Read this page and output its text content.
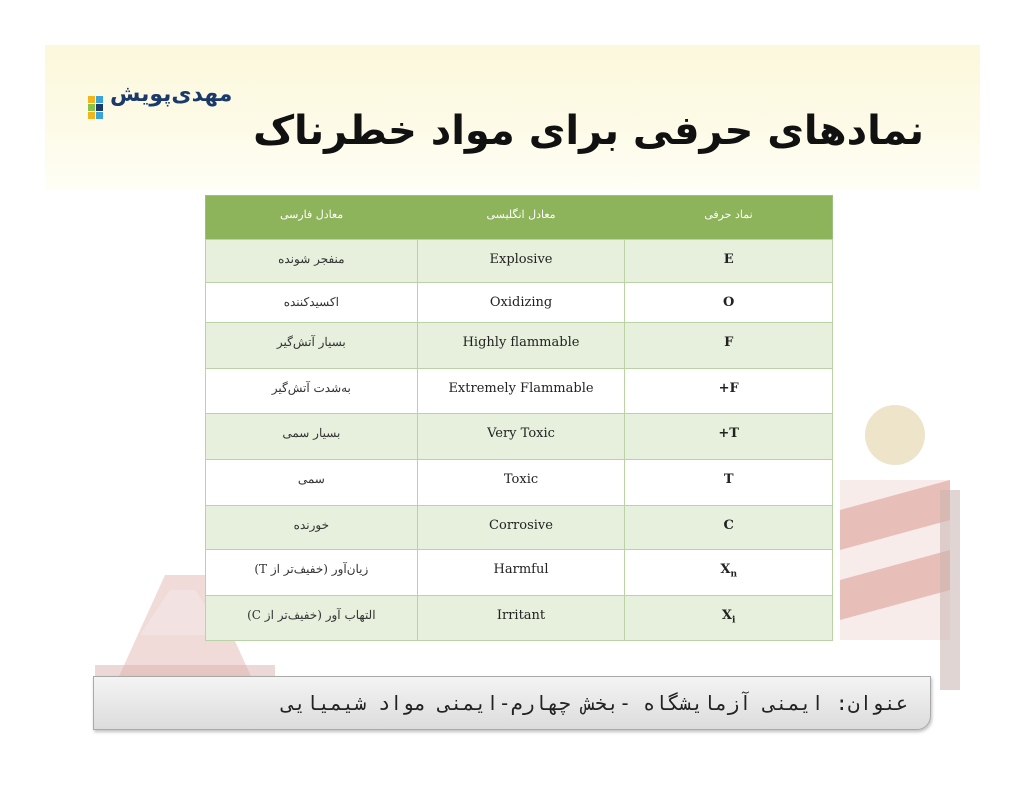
مهدی‌پویش
نمادهای حرفی برای مواد خطرناک
معادل فارسی	معادل انگلیسی	نماد حرفی
منفجر شونده	Explosive	E
اکسیدکننده	Oxidizing	O
بسیار آتش‌گیر	Highly flammable	F
به‌شدت آتش‌گیر	Extremely Flammable	+F
بسیار سمی	Very Toxic	+T
سمی	Toxic	T
خورنده	Corrosive	C
زیان‌آور (خفیف‌تر از T)	Harmful	$X_n$
التهاب آور (خفیف‌تر از C)	Irritant	$X_i$
عنوان: ایمنی آزمایشگاه -بخش چهارم-ایمنی مواد شیمیایی
